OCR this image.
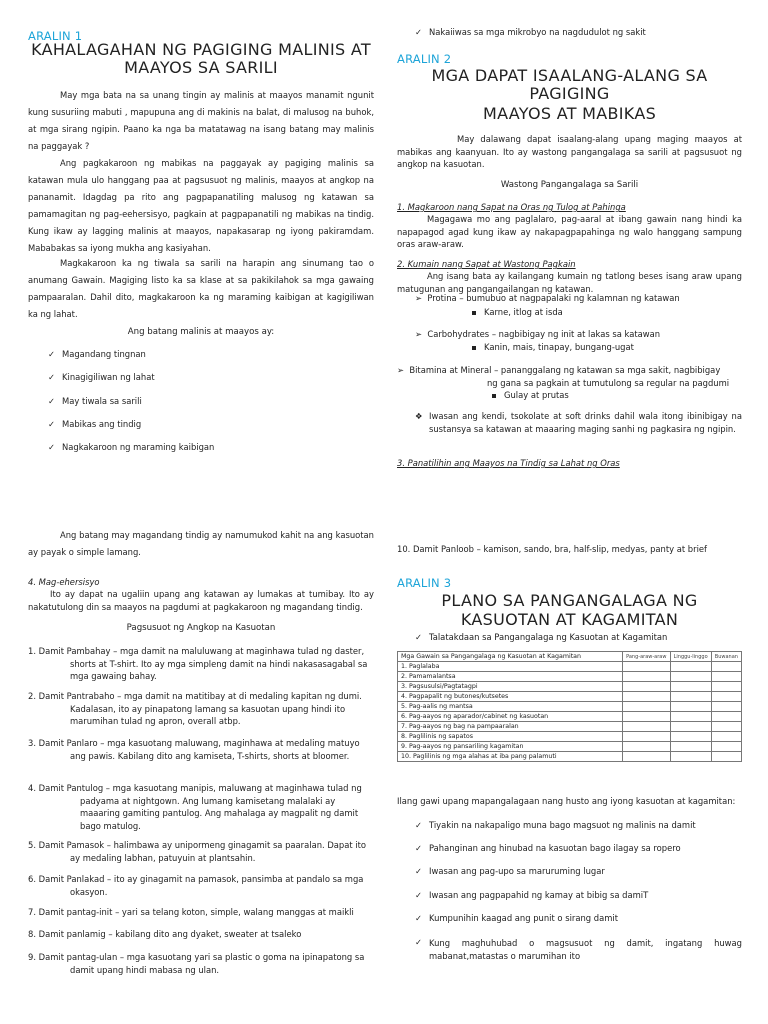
ARALIN 1
KAHALAGAHAN NG PAGIGING MALINIS AT
MAAYOS SA SARILI
May mga bata na sa unang tingin ay malinis at maayos manamit ngunit kung susuriing mabuti , mapupuna ang di makinis na balat, di malusog na buhok, at mga sirang ngipin. Paano ka nga ba matatawag na isang batang may malinis na paggayak ?
Ang pagkakaroon ng mabikas na paggayak ay pagiging malinis sa katawan mula ulo hanggang paa at pagsusuot ng malinis, maayos at angkop na pananamit. Idagdag pa rito ang pagpapanatiling malusog ng katawan sa pamamagitan ng pag-eehersisyo, pagkain at pagpapanatili ng mabikas na tindig. Kung ikaw ay lagging malinis at maayos, napakasarap ng iyong pakiramdam. Mababakas sa iyong mukha ang kasiyahan.
Magkakaroon ka ng tiwala sa sarili na harapin ang sinumang tao o anumang Gawain. Magiging listo ka sa klase at sa pakikilahok sa mga gawaing pampaaralan. Dahil dito, magkakaroon ka ng maraming kaibigan at kagigiliwan ka ng lahat.
Ang batang malinis at maayos ay:
✓ Magandang tingnan
✓ Kinagigiliwan ng lahat
✓ May tiwala sa sarili
✓ Mabikas ang tindig
✓ Nagkakaroon ng maraming kaibigan
Ang batang may magandang tindig ay namumukod kahit na ang kasuotan ay payak o simple lamang.
4. Mag-ehersisyo
Ito ay dapat na ugaliin upang ang katawan ay lumakas at tumibay. Ito ay nakatutulong din sa maayos na pagdumi at pagkakaroon ng magandang tindig.
Pagsusuot ng Angkop na Kasuotan
1. Damit Pambahay – mga damit na maluluwang at maginhawa tulad ng daster, shorts at T-shirt. Ito ay mga simpleng damit na hindi nakasasagabal sa mga gawaing bahay.
2. Damit Pantrabaho – mga damit na matitibay at di medaling kapitan ng dumi. Kadalasan, ito ay pinapatong lamang sa kasuotan upang hindi ito marumihan tulad ng apron, overall atbp.
3. Damit Panlaro – mga kasuotang maluwang, maginhawa at medaling matuyo ang pawis. Kabilang dito ang kamiseta, T-shirts, shorts at bloomer.
4. Damit Pantulog – mga kasuotang manipis, maluwang at maginhawa tulad ng padyama at nightgown. Ang lumang kamisetang malalaki ay maaaring gamiting pantulog. Ang mahalaga ay magpalit ng damit bago matulog.
5. Damit Pamasok – halimbawa ay unipormeng ginagamit sa paaralan. Dapat ito ay medaling labhan, patuyuin at plantsahin.
6. Damit Panlakad – ito ay ginagamit na pamasok, pansimba at pandalo sa mga okasyon.
7. Damit pantag-init – yari sa telang koton, simple, walang manggas at maikli
8. Damit panlamig – kabilang dito ang dyaket, sweater at tsaleko
9. Damit pantag-ulan – mga kasuotang yari sa plastic o goma na ipinapatong sa damit upang hindi mabasa ng ulan.
✓ Nakaiiwas sa mga mikrobyo na nagdudulot ng sakit
ARALIN 2
MGA DAPAT ISAALANG-ALANG SA
PAGIGING
MAAYOS AT MABIKAS
May dalawang dapat isaalang-alang upang maging maayos at mabikas ang kaanyuan. Ito ay wastong pangangalaga sa sarili at pagsusuot ng angkop na kasuotan.
Wastong Pangangalaga sa Sarili
1. Magkaroon nang Sapat na Oras ng Tulog at Pahinga
Magagawa mo ang paglalaro, pag-aaral at ibang gawain nang hindi ka napapagod agad kung ikaw ay nakapagpapahinga ng walo hanggang sampung oras araw-araw.
2. Kumain nang Sapat at Wastong Pagkain
Ang isang bata ay kailangang kumain ng tatlong beses isang araw upang matugunan ang pangangailangan ng katawan.
➢  Protina – bumubuo at nagpapalaki ng kalamnan ng katawan
Karne, itlog at isda
➢  Carbohydrates – nagbibigay ng init at lakas sa katawan
Kanin, mais, tinapay, bungang-ugat
➢  Bitamina at Mineral – pananggalang ng katawan sa mga sakit, nagbibigay
ng gana sa pagkain at tumutulong sa regular na pagdumi
Gulay at prutas
❖ Iwasan ang kendi, tsokolate at soft drinks dahil wala itong ibinibigay na sustansya sa katawan at maaaring maging sanhi ng pagkasira ng ngipin.
3. Panatilihin ang Maayos na Tindig sa Lahat ng Oras
10. Damit Panloob – kamison, sando, bra, half-slip, medyas, panty at brief
ARALIN 3
PLANO SA PANGANGALAGA NG
KASUOTAN AT KAGAMITAN
✓ Talatakdaan sa Pangangalaga ng Kasuotan at Kagamitan
Mga Gawain sa Pangangalaga ng Kasuotan at Kagamitan	Pang-araw-araw	Linggu-linggo	Buwanan
1. Paglalaba			
2. Pamamalantsa			
3. Pagsusulsi/Pagtatagpi			
4. Pagpapalit ng butones/kutsetes			
5. Pag-aalis ng mantsa			
6. Pag-aayos ng aparador/cabinet ng kasuotan			
7. Pag-aayos ng bag na pampaaralan			
8. Paglilinis ng sapatos			
9. Pag-aayos ng pansariling kagamitan			
10. Paglilinis ng mga alahas at iba pang palamuti			
Ilang gawi upang mapangalagaan nang husto ang iyong kasuotan at kagamitan:
✓ Tiyakin na nakapaligo muna bago magsuot ng malinis na damit
✓ Pahanginan ang hinubad na kasuotan bago ilagay sa ropero
✓ Iwasan ang pag-upo sa maruruming lugar
✓ Iwasan ang pagpapahid ng kamay at bibig sa damiT
✓ Kumpunihin kaagad ang punit o sirang damit
✓ Kung maghuhubad o magsusuot ng damit, ingatang huwag mabanat,matastas o marumihan ito
